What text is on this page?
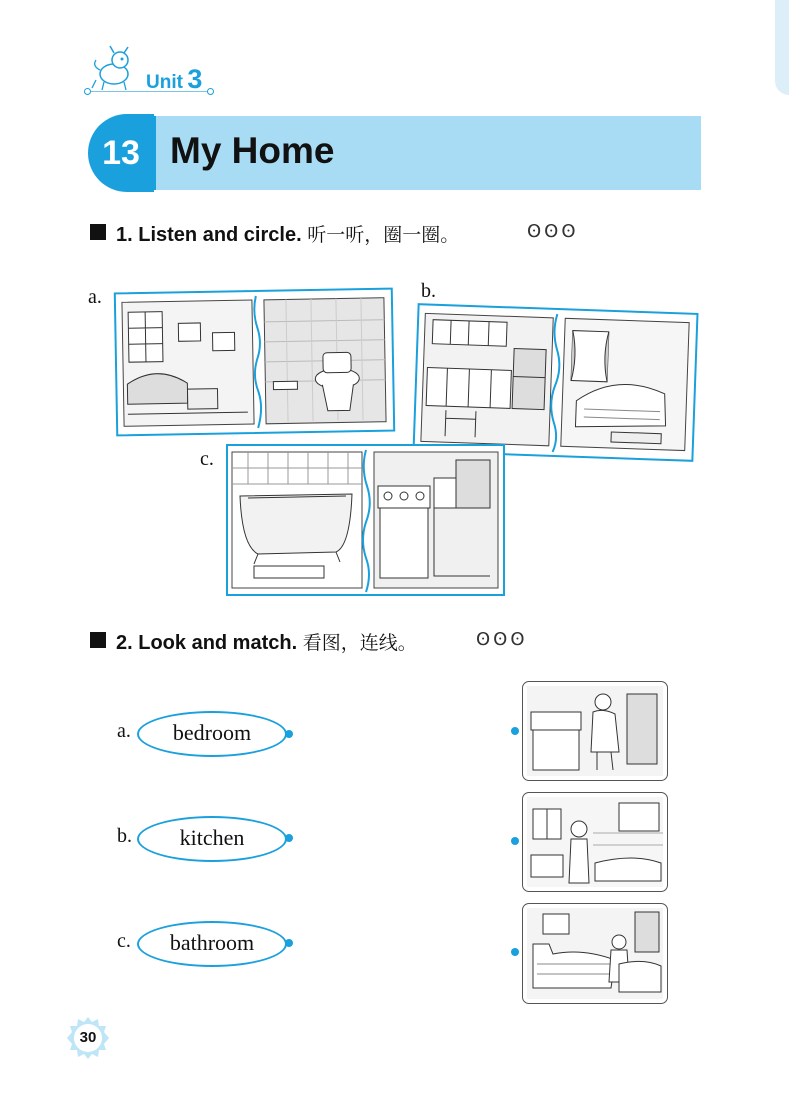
Unit 3
13 My Home
1. Listen and circle. 听一听，圈一圈。	ʘʘʘ
a.	b.
c.
2. Look and match. 看图，连线。	ʘʘʘ
a.	bedroom
b.	kitchen
c.	bathroom
30
